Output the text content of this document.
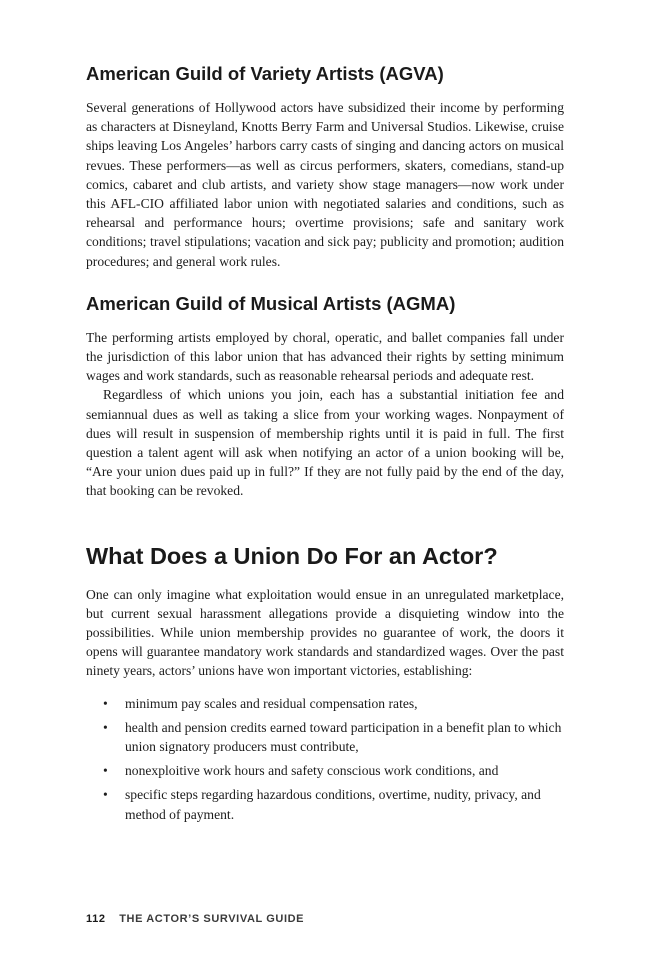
American Guild of Variety Artists (AGVA)

Several generations of Hollywood actors have subsidized their income by performing as characters at Disneyland, Knotts Berry Farm and Universal Studios. Likewise, cruise ships leaving Los Angeles’ harbors carry casts of singing and dancing actors on musical revues. These performers—as well as circus performers, skaters, comedians, stand-up comics, cabaret and club artists, and variety show stage managers—now work under this AFL-CIO affiliated labor union with negotiated salaries and conditions, such as rehearsal and performance hours; overtime provisions; safe and sanitary work conditions; travel stipulations; vacation and sick pay; publicity and promotion; audition procedures; and general work rules.

American Guild of Musical Artists (AGMA)

The performing artists employed by choral, operatic, and ballet companies fall under the jurisdiction of this labor union that has advanced their rights by setting minimum wages and work standards, such as reasonable rehearsal periods and adequate rest.

Regardless of which unions you join, each has a substantial initiation fee and semiannual dues as well as taking a slice from your working wages. Nonpayment of dues will result in suspension of membership rights until it is paid in full. The first question a talent agent will ask when notifying an actor of a union booking will be, “Are your union dues paid up in full?” If they are not fully paid by the end of the day, that booking can be revoked.

What Does a Union Do For an Actor?

One can only imagine what exploitation would ensue in an unregulated marketplace, but current sexual harassment allegations provide a disquieting window into the possibilities. While union membership provides no guarantee of work, the doors it opens will guarantee mandatory work standards and standardized wages. Over the past ninety years, actors’ unions have won important victories, establishing:

• minimum pay scales and residual compensation rates,
• health and pension credits earned toward participation in a benefit plan to which union signatory producers must contribute,
• nonexploitive work hours and safety conscious work conditions, and
• specific steps regarding hazardous conditions, overtime, nudity, privacy, and method of payment.
112 THE ACTOR’S SURVIVAL GUIDE
